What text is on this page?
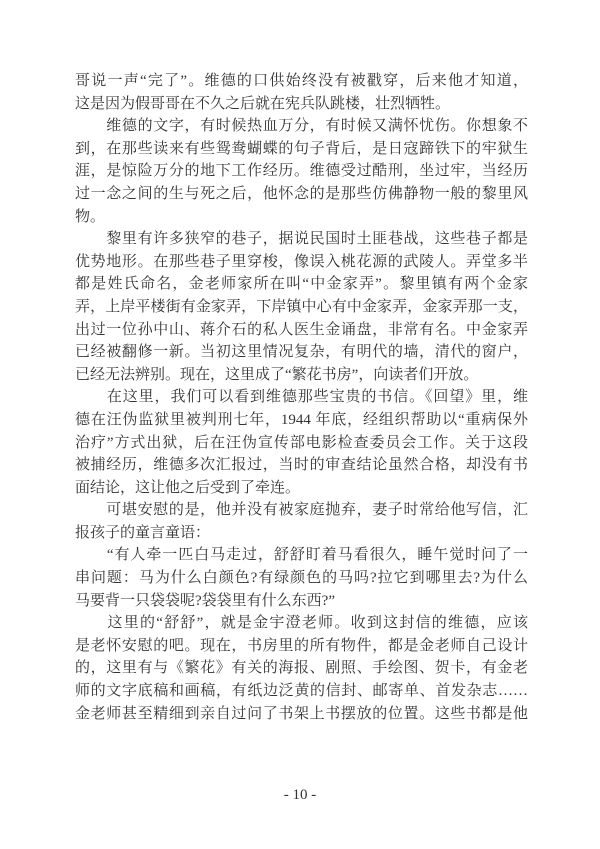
哥说一声“完了”。维德的口供始终没有被戳穿，后来他才知道，
这是因为假哥哥在不久之后就在宪兵队跳楼，壮烈牺牲。
　　维德的文字，有时候热血万分，有时候又满怀忧伤。你想象不
到，在那些读来有些鸳鸯蝴蝶的句子背后，是日寇蹄铁下的牢狱生
涯，是惊险万分的地下工作经历。维德受过酷刑，坐过牢，当经历
过一念之间的生与死之后，他怀念的是那些仿佛静物一般的黎里风
物。
　　黎里有许多狭窄的巷子，据说民国时土匪巷战，这些巷子都是
优势地形。在那些巷子里穿梭，像误入桃花源的武陵人。弄堂多半
都是姓氏命名，金老师家所在叫“中金家弄”。黎里镇有两个金家
弄，上岸平楼街有金家弄，下岸镇中心有中金家弄，金家弄那一支，
出过一位孙中山、蒋介石的私人医生金诵盘，非常有名。中金家弄
已经被翻修一新。当初这里情况复杂，有明代的墙，清代的窗户，
已经无法辨别。现在，这里成了“繁花书房”，向读者们开放。
　　在这里，我们可以看到维德那些宝贵的书信。《回望》里，维
德在汪伪监狱里被判刑七年，1944 年底，经组织帮助以“重病保外
治疗”方式出狱，后在汪伪宣传部电影检查委员会工作。关于这段
被捕经历，维德多次汇报过，当时的审查结论虽然合格，却没有书
面结论，这让他之后受到了牵连。
　　可堪安慰的是，他并没有被家庭抛弃，妻子时常给他写信，汇
报孩子的童言童语：
　　“有人牵一匹白马走过，舒舒盯着马看很久，睡午觉时问了一
串问题：马为什么白颜色?有绿颜色的马吗?拉它到哪里去?为什么
马要背一只袋袋呢?袋袋里有什么东西?”
　　这里的“舒舒”，就是金宇澄老师。收到这封信的维德，应该
是老怀安慰的吧。现在，书房里的所有物件，都是金老师自己设计
的，这里有与《繁花》有关的海报、剧照、手绘图、贺卡，有金老
师的文字底稿和画稿，有纸边泛黄的信封、邮寄单、首发杂志……
金老师甚至精细到亲自过问了书架上书摆放的位置。这些书都是他
- 10 -
